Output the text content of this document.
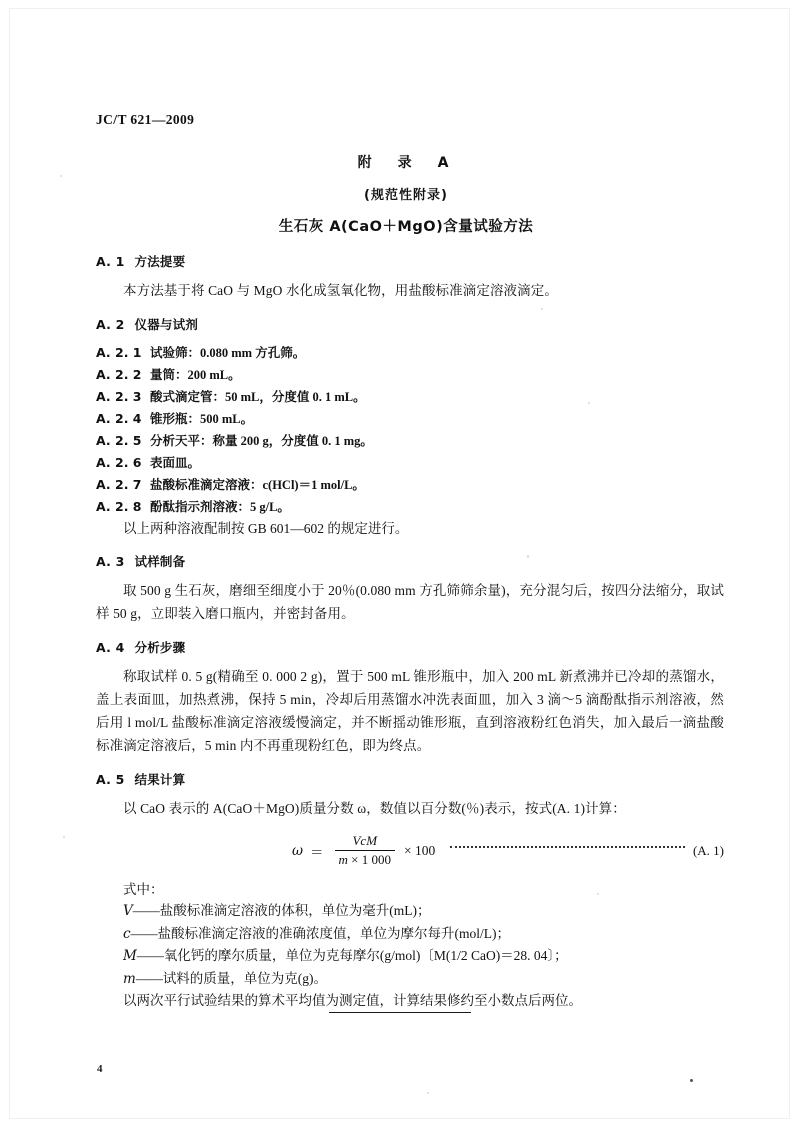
JC/T 621—2009
附　录　A
(规范性附录)
生石灰 A(CaO＋MgO)含量试验方法
A. 1 方法提要

本方法基于将 CaO 与 MgO 水化成氢氧化物，用盐酸标准滴定溶液滴定。

A. 2 仪器与试剂

A. 2. 1 试验筛：0.080 mm 方孔筛。

A. 2. 2 量筒：200 mL。

A. 2. 3 酸式滴定管：50 mL，分度值 0. 1 mL。

A. 2. 4 锥形瓶：500 mL。

A. 2. 5 分析天平：称量 200 g，分度值 0. 1 mg。

A. 2. 6 表面皿。

A. 2. 7 盐酸标准滴定溶液：c(HCl)＝1 mol/L。

A. 2. 8 酚酞指示剂溶液：5 g/L。

以上两种溶液配制按 GB 601—602 的规定进行。

A. 3 试样制备

取 500 g 生石灰，磨细至细度小于 20％(0.080 mm 方孔筛筛余量)，充分混匀后，按四分法缩分，取试样 50 g，立即装入磨口瓶内，并密封备用。

A. 4 分析步骤

称取试样 0. 5 g(精确至 0. 000 2 g)，置于 500 mL 锥形瓶中，加入 200 mL 新煮沸并已冷却的蒸馏水，盖上表面皿，加热煮沸，保持 5 min，冷却后用蒸馏水冲洗表面皿，加入 3 滴～5 滴酚酞指示剂溶液，然后用 l mol/L 盐酸标准滴定溶液缓慢滴定，并不断摇动锥形瓶，直到溶液粉红色消失，加入最后一滴盐酸标准滴定溶液后，5 min 内不再重现粉红色，即为终点。

A. 5 结果计算

以 CaO 表示的 A(CaO＋MgO)质量分数 ω，数值以百分数(％)表示，按式(A. 1)计算：

$\omega = \frac{\text{VcM}}{m \times 1 000} \times 100$	(A. 1)

式中：

V——盐酸标准滴定溶液的体积，单位为毫升(mL)；

c——盐酸标准滴定溶液的准确浓度值，单位为摩尔每升(mol/L)；

M——氧化钙的摩尔质量，单位为克每摩尔(g/mol)〔M(1/2 CaO)＝28. 04〕；

m——试料的质量，单位为克(g)。

以两次平行试验结果的算术平均值为测定值，计算结果修约至小数点后两位。

4
